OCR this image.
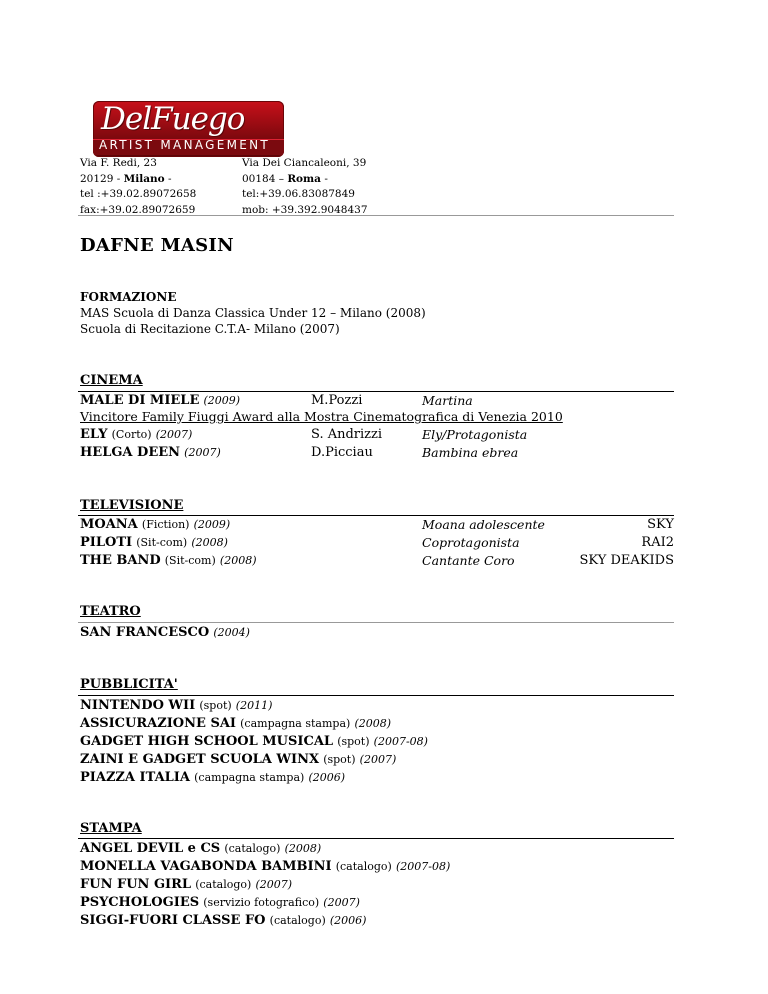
DelFuego
ARTIST MANAGEMENT
Via F. Redi, 23
20129 - Milano -
tel :+39.02.89072658
fax:+39.02.89072659
Via Dei Ciancaleoni, 39
00184 – Roma -
tel:+39.06.83087849
mob: +39.392.9048437
DAFNE MASIN
FORMAZIONE
MAS Scuola di Danza Classica Under 12 – Milano (2008)
Scuola di Recitazione C.T.A- Milano (2007)
CINEMA
MALE DI MIELE (2009)	M.Pozzi	Martina
Vincitore Family Fiuggi Award alla Mostra Cinematografica di Venezia 2010
ELY (Corto) (2007)	S. Andrizzi	Ely/Protagonista
HELGA DEEN (2007)	D.Picciau	Bambina ebrea
TELEVISIONE
MOANA (Fiction) (2009)	Moana adolescente	SKY
PILOTI (Sit-com) (2008)	Coprotagonista	RAI2
THE BAND (Sit-com) (2008)	Cantante Coro	SKY DEAKIDS
TEATRO
SAN FRANCESCO (2004)
PUBBLICITA'
NINTENDO WII (spot) (2011)
ASSICURAZIONE SAI (campagna stampa) (2008)
GADGET HIGH SCHOOL MUSICAL (spot) (2007-08)
ZAINI E GADGET SCUOLA WINX (spot) (2007)
PIAZZA ITALIA (campagna stampa) (2006)
STAMPA
ANGEL DEVIL e CS (catalogo) (2008)
MONELLA VAGABONDA BAMBINI (catalogo) (2007-08)
FUN FUN GIRL (catalogo) (2007)
PSYCHOLOGIES (servizio fotografico) (2007)
SIGGI-FUORI CLASSE FO (catalogo) (2006)
